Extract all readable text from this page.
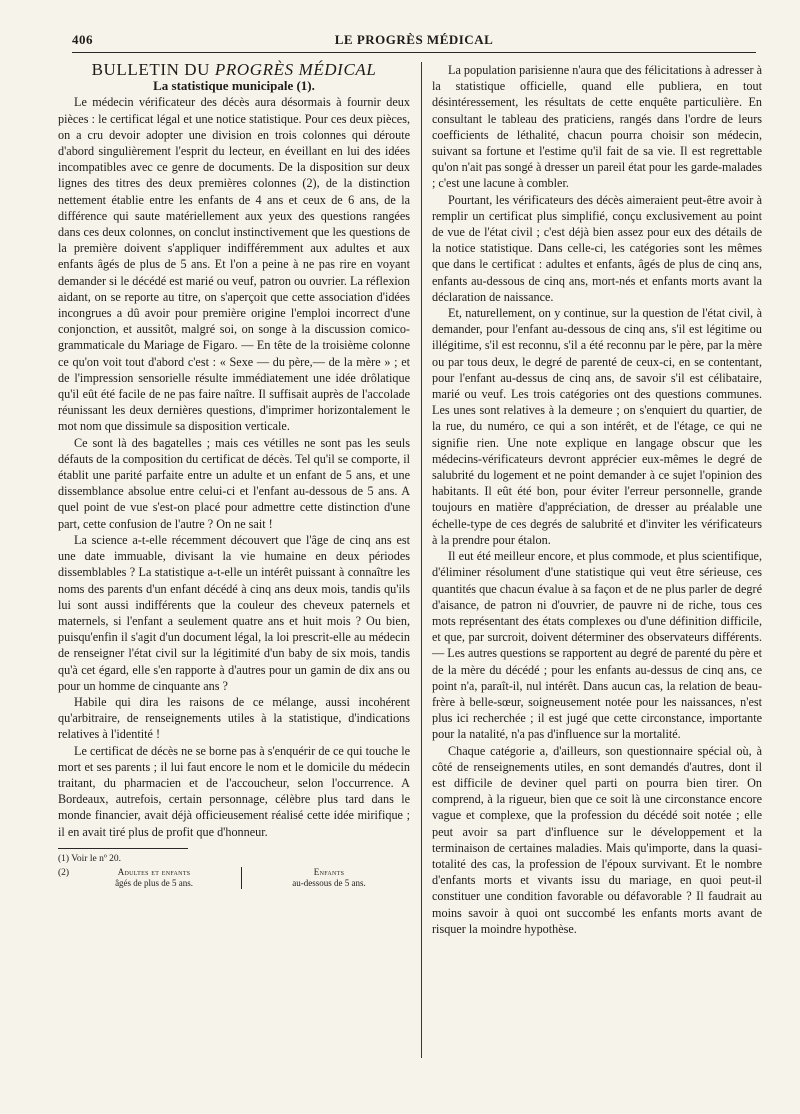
406	LE PROGRÈS MÉDICAL

BULLETIN DU PROGRÈS MÉDICAL

La statistique municipale (1).

Le médecin vérificateur des décès aura désormais à fournir deux pièces : le certificat légal et une notice statistique. Pour ces deux pièces, on a cru devoir adopter une division en trois colonnes qui déroute d'abord singulièrement l'esprit du lecteur, en éveillant en lui des idées incompatibles avec ce genre de documents. De la disposition sur deux lignes des titres des deux premières colonnes (2), de la distinction nettement établie entre les enfants de 4 ans et ceux de 6 ans, de la différence qui saute matériellement aux yeux des questions rangées dans ces deux colonnes, on conclut instinctivement que les questions de la première doivent s'appliquer indifféremment aux adultes et aux enfants âgés de plus de 5 ans. Et l'on a peine à ne pas rire en voyant demander si le décédé est marié ou veuf, patron ou ouvrier. La réflexion aidant, on se reporte au titre, on s'aperçoit que cette association d'idées incongrues a dû avoir pour première origine l'emploi incorrect d'une conjonction, et aussitôt, malgré soi, on songe à la discussion comico-grammaticale du Mariage de Figaro. — En tête de la troisième colonne ce qu'on voit tout d'abord c'est : « Sexe — du père,— de la mère » ; et de l'impression sensorielle résulte immédiatement une idée drôlatique qu'il eût été facile de ne pas faire naître. Il suffisait auprès de l'accolade réunissant les deux dernières questions, d'imprimer horizontalement le mot nom que dissimule sa disposition verticale.

Ce sont là des bagatelles ; mais ces vétilles ne sont pas les seuls défauts de la composition du certificat de décès. Tel qu'il se comporte, il établit une parité parfaite entre un adulte et un enfant de 5 ans, et une dissemblance absolue entre celui-ci et l'enfant au-dessous de 5 ans. A quel point de vue s'est-on placé pour admettre cette distinction d'une part, cette confusion de l'autre ? On ne sait !

La science a-t-elle récemment découvert que l'âge de cinq ans est une date immuable, divisant la vie humaine en deux périodes dissemblables ? La statistique a-t-elle un intérêt puissant à connaître les noms des parents d'un enfant décédé à cinq ans deux mois, tandis qu'ils lui sont aussi indifférents que la couleur des cheveux paternels et maternels, si l'enfant a seulement quatre ans et huit mois ? Ou bien, puisqu'enfin il s'agit d'un document légal, la loi prescrit-elle au médecin de renseigner l'état civil sur la légitimité d'un baby de six mois, tandis qu'à cet égard, elle s'en rapporte à d'autres pour un gamin de dix ans ou pour un homme de cinquante ans ?

Habile qui dira les raisons de ce mélange, aussi incohérent qu'arbitraire, de renseignements utiles à la statistique, d'indications relatives à l'identité !

Le certificat de décès ne se borne pas à s'enquérir de ce qui touche le mort et ses parents ; il lui faut encore le nom et le domicile du médecin traitant, du pharmacien et de l'accoucheur, selon l'occurrence. A Bordeaux, autrefois, certain personnage, célèbre plus tard dans le monde financier, avait déjà officieusement réalisé cette idée mirifique ; il en avait tiré plus de profit que d'honneur.

(1) Voir le nº 20.

(2)	Adultes et enfants
âgés de plus de 5 ans.
Enfants
au-dessous de 5 ans.

La population parisienne n'aura que des félicitations à adresser à la statistique officielle, quand elle publiera, en tout désintéressement, les résultats de cette enquête particulière. En consultant le tableau des praticiens, rangés dans l'ordre de leurs coefficients de léthalité, chacun pourra choisir son médecin, suivant sa fortune et l'estime qu'il fait de sa vie. Il est regrettable qu'on n'ait pas songé à dresser un pareil état pour les garde-malades ; c'est une lacune à combler.

Pourtant, les vérificateurs des décès aimeraient peut-être avoir à remplir un certificat plus simplifié, conçu exclusivement au point de vue de l'état civil ; c'est déjà bien assez pour eux des détails de la notice statistique. Dans celle-ci, les catégories sont les mêmes que dans le certificat : adultes et enfants, âgés de plus de cinq ans, enfants au-dessous de cinq ans, mort-nés et enfants morts avant la déclaration de naissance.

Et, naturellement, on y continue, sur la question de l'état civil, à demander, pour l'enfant au-dessous de cinq ans, s'il est légitime ou illégitime, s'il est reconnu, s'il a été reconnu par le père, par la mère ou par tous deux, le degré de parenté de ceux-ci, en se contentant, pour l'enfant au-dessus de cinq ans, de savoir s'il est célibataire, marié ou veuf. Les trois catégories ont des questions communes. Les unes sont relatives à la demeure ; on s'enquiert du quartier, de la rue, du numéro, ce qui a son intérêt, et de l'étage, ce qui ne signifie rien. Une note explique en langage obscur que les médecins-vérificateurs devront apprécier eux-mêmes le degré de salubrité du logement et ne point demander à ce sujet l'opinion des habitants. Il eût été bon, pour éviter l'erreur personnelle, grande toujours en matière d'appréciation, de dresser au préalable une échelle-type de ces degrés de salubrité et d'inviter les vérificateurs à la prendre pour étalon.

Il eut été meilleur encore, et plus commode, et plus scientifique, d'éliminer résolument d'une statistique qui veut être sérieuse, ces quantités que chacun évalue à sa façon et de ne plus parler de degré d'aisance, de patron ni d'ouvrier, de pauvre ni de riche, tous ces mots représentant des états complexes ou d'une définition difficile, et que, par surcroit, doivent déterminer des observateurs différents.— Les autres questions se rapportent au degré de parenté du père et de la mère du décédé ; pour les enfants au-dessus de cinq ans, ce point n'a, paraît-il, nul intérêt. Dans aucun cas, la relation de beau-frère à belle-sœur, soigneusement notée pour les naissances, n'est plus ici recherchée ; il est jugé que cette circonstance, importante pour la natalité, n'a pas d'influence sur la mortalité.

Chaque catégorie a, d'ailleurs, son questionnaire spécial où, à côté de renseignements utiles, en sont demandés d'autres, dont il est difficile de deviner quel parti on pourra bien tirer. On comprend, à la rigueur, bien que ce soit là une circonstance encore vague et complexe, que la profession du décédé soit notée ; elle peut avoir sa part d'influence sur le développement et la terminaison de certaines maladies. Mais qu'importe, dans la quasi-totalité des cas, la profession de l'époux survivant. Et le nombre d'enfants morts et vivants issu du mariage, en quoi peut-il constituer une condition favorable ou défavorable ? Il faudrait au moins savoir à quoi ont succombé les enfants morts avant de risquer la moindre hypothèse.
